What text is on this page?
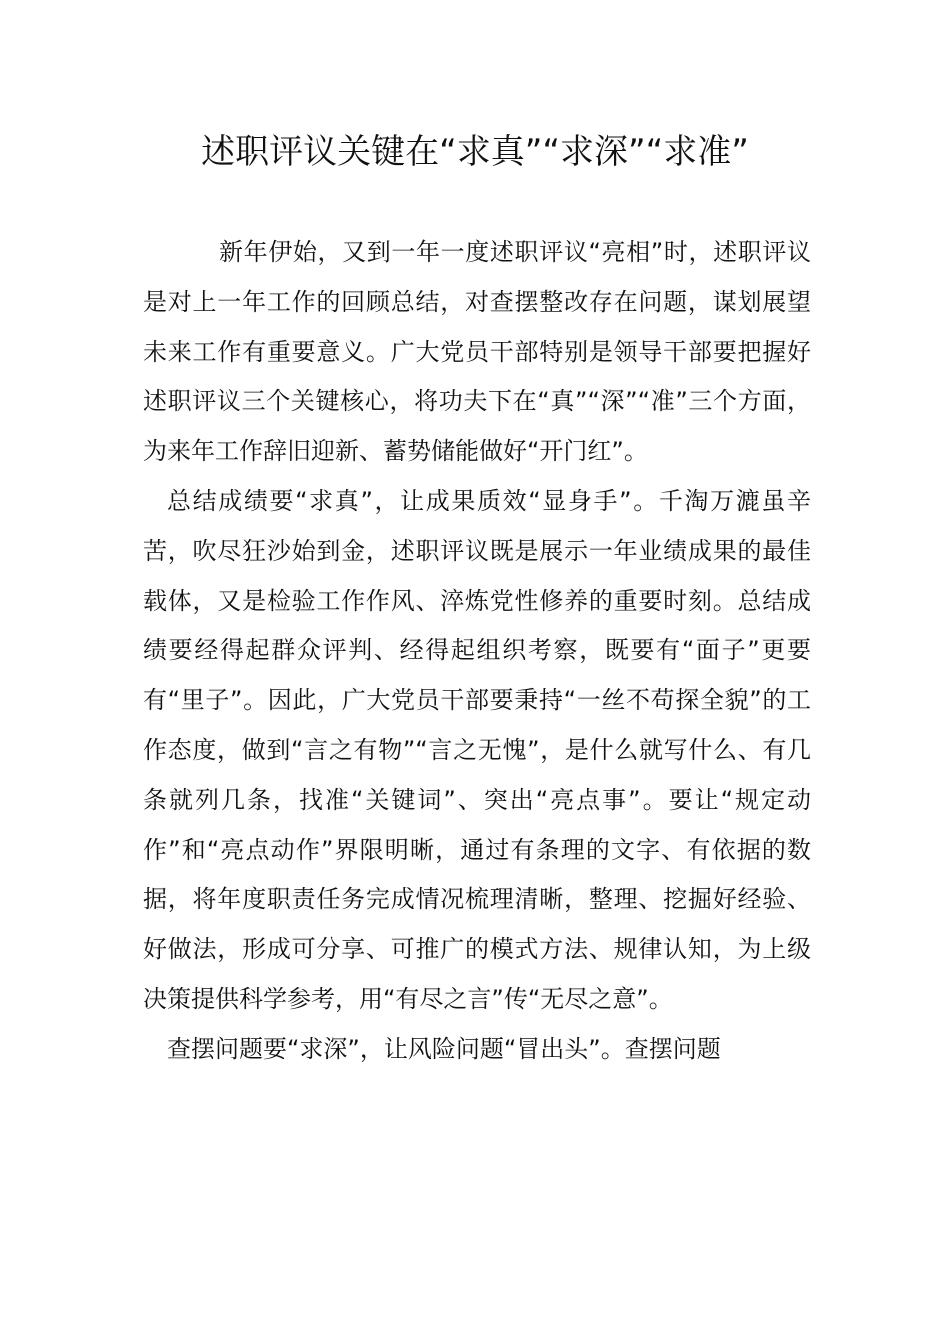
述职评议关键在“求真”“求深”“求准”

新年伊始，又到一年一度述职评议“亮相”时，述职评议是对上一年工作的回顾总结，对查摆整改存在问题，谋划展望未来工作有重要意义。广大党员干部特别是领导干部要把握好述职评议三个关键核心，将功夫下在“真”“深”“准”三个方面，为来年工作辞旧迎新、蓄势储能做好“开门红”。

总结成绩要“求真”，让成果质效“显身手”。千淘万漉虽辛苦，吹尽狂沙始到金，述职评议既是展示一年业绩成果的最佳载体，又是检验工作作风、淬炼党性修养的重要时刻。总结成绩要经得起群众评判、经得起组织考察，既要有“面子”更要有“里子”。因此，广大党员干部要秉持“一丝不苟探全貌”的工作态度，做到“言之有物”“言之无愧”，是什么就写什么、有几条就列几条，找准“关键词”、突出“亮点事”。要让“规定动作”和“亮点动作”界限明晰，通过有条理的文字、有依据的数据，将年度职责任务完成情况梳理清晰，整理、挖掘好经验、好做法，形成可分享、可推广的模式方法、规律认知，为上级决策提供科学参考，用“有尽之言”传“无尽之意”。

查摆问题要“求深”，让风险问题“冒出头”。查摆问题
